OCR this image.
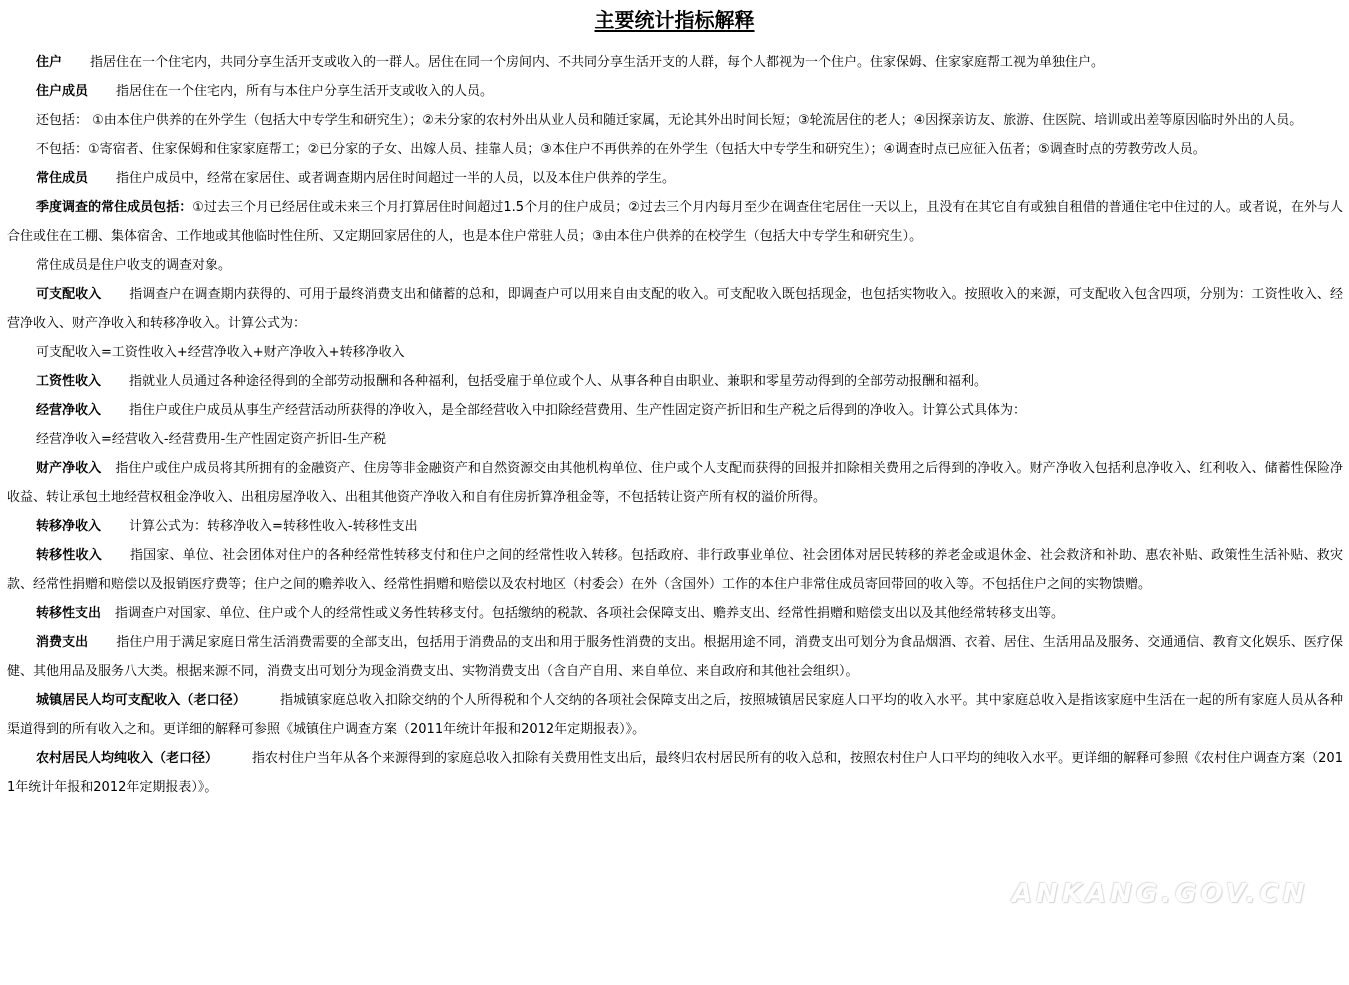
主要统计指标解释

住户 指居住在一个住宅内，共同分享生活开支或收入的一群人。居住在同一个房间内、不共同分享生活开支的人群，每个人都视为一个住户。住家保姆、住家家庭帮工视为单独住户。

住户成员 指居住在一个住宅内，所有与本住户分享生活开支或收入的人员。

还包括： ①由本住户供养的在外学生（包括大中专学生和研究生）；②未分家的农村外出从业人员和随迁家属，无论其外出时间长短；③轮流居住的老人；④因探亲访友、旅游、住医院、培训或出差等原因临时外出的人员。

不包括：①寄宿者、住家保姆和住家家庭帮工；②已分家的子女、出嫁人员、挂靠人员；③本住户不再供养的在外学生（包括大中专学生和研究生）；④调查时点已应征入伍者；⑤调查时点的劳教劳改人员。

常住成员 指住户成员中，经常在家居住、或者调查期内居住时间超过一半的人员，以及本住户供养的学生。

季度调查的常住成员包括：①过去三个月已经居住或未来三个月打算居住时间超过1.5个月的住户成员；②过去三个月内每月至少在调查住宅居住一天以上，且没有在其它自有或独自租借的普通住宅中住过的人。或者说，在外与人合住或住在工棚、集体宿舍、工作地或其他临时性住所、又定期回家居住的人，也是本住户常驻人员；③由本住户供养的在校学生（包括大中专学生和研究生）。

常住成员是住户收支的调查对象。

可支配收入 指调查户在调查期内获得的、可用于最终消费支出和储蓄的总和，即调查户可以用来自由支配的收入。可支配收入既包括现金，也包括实物收入。按照收入的来源，可支配收入包含四项，分别为：工资性收入、经营净收入、财产净收入和转移净收入。计算公式为：

可支配收入=工资性收入+经营净收入+财产净收入+转移净收入

工资性收入 指就业人员通过各种途径得到的全部劳动报酬和各种福利，包括受雇于单位或个人、从事各种自由职业、兼职和零星劳动得到的全部劳动报酬和福利。

经营净收入 指住户或住户成员从事生产经营活动所获得的净收入，是全部经营收入中扣除经营费用、生产性固定资产折旧和生产税之后得到的净收入。计算公式具体为：

经营净收入=经营收入-经营费用-生产性固定资产折旧-生产税

财产净收入 指住户或住户成员将其所拥有的金融资产、住房等非金融资产和自然资源交由其他机构单位、住户或个人支配而获得的回报并扣除相关费用之后得到的净收入。财产净收入包括利息净收入、红利收入、储蓄性保险净收益、转让承包土地经营权租金净收入、出租房屋净收入、出租其他资产净收入和自有住房折算净租金等，不包括转让资产所有权的溢价所得。

转移净收入 计算公式为：转移净收入=转移性收入-转移性支出

转移性收入 指国家、单位、社会团体对住户的各种经常性转移支付和住户之间的经常性收入转移。包括政府、非行政事业单位、社会团体对居民转移的养老金或退休金、社会救济和补助、惠农补贴、政策性生活补贴、救灾款、经常性捐赠和赔偿以及报销医疗费等；住户之间的赡养收入、经常性捐赠和赔偿以及农村地区（村委会）在外（含国外）工作的本住户非常住成员寄回带回的收入等。不包括住户之间的实物馈赠。

转移性支出 指调查户对国家、单位、住户或个人的经常性或义务性转移支付。包括缴纳的税款、各项社会保障支出、赡养支出、经常性捐赠和赔偿支出以及其他经常转移支出等。

消费支出 指住户用于满足家庭日常生活消费需要的全部支出，包括用于消费品的支出和用于服务性消费的支出。根据用途不同，消费支出可划分为食品烟酒、衣着、居住、生活用品及服务、交通通信、教育文化娱乐、医疗保健、其他用品及服务八大类。根据来源不同，消费支出可划分为现金消费支出、实物消费支出（含自产自用、来自单位、来自政府和其他社会组织）。

城镇居民人均可支配收入（老口径）	指城镇家庭总收入扣除交纳的个人所得税和个人交纳的各项社会保障支出之后，按照城镇居民家庭人口平均的收入水平。其中家庭总收入是指该家庭中生活在一起的所有家庭人员从各种渠道得到的所有收入之和。更详细的解释可参照《城镇住户调查方案（2011年统计年报和2012年定期报表）》。

农村居民人均纯收入（老口径）	指农村住户当年从各个来源得到的家庭总收入扣除有关费用性支出后，最终归农村居民所有的收入总和，按照农村住户人口平均的纯收入水平。更详细的解释可参照《农村住户调查方案（2011年统计年报和2012年定期报表）》。

ANKANG.GOV.CN
